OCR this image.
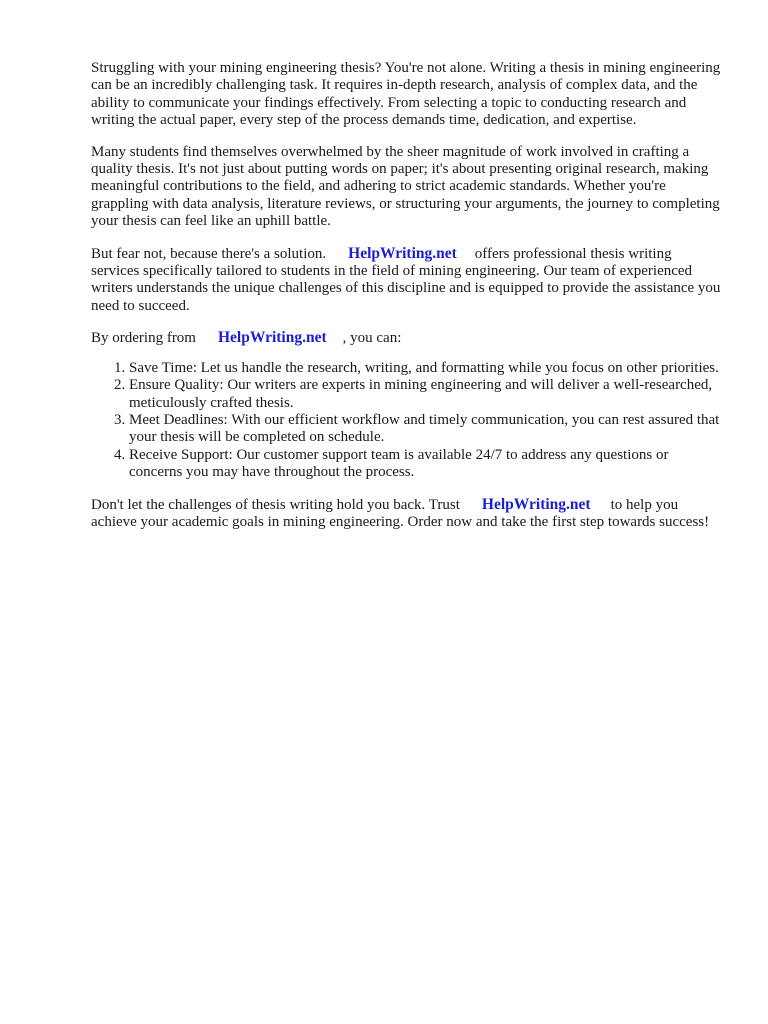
Struggling with your mining engineering thesis? You're not alone. Writing a thesis in mining engineering can be an incredibly challenging task. It requires in-depth research, analysis of complex data, and the ability to communicate your findings effectively. From selecting a topic to conducting research and writing the actual paper, every step of the process demands time, dedication, and expertise.

Many students find themselves overwhelmed by the sheer magnitude of work involved in crafting a quality thesis. It's not just about putting words on paper; it's about presenting original research, making meaningful contributions to the field, and adhering to strict academic standards. Whether you're grappling with data analysis, literature reviews, or structuring your arguments, the journey to completing your thesis can feel like an uphill battle.

But fear not, because there's a solution. HelpWriting.net offers professional thesis writing services specifically tailored to students in the field of mining engineering. Our team of experienced writers understands the unique challenges of this discipline and is equipped to provide the assistance you need to succeed.

By ordering from HelpWriting.net , you can:

1. Save Time: Let us handle the research, writing, and formatting while you focus on other priorities.
2. Ensure Quality: Our writers are experts in mining engineering and will deliver a well-researched, meticulously crafted thesis.
3. Meet Deadlines: With our efficient workflow and timely communication, you can rest assured that your thesis will be completed on schedule.
4. Receive Support: Our customer support team is available 24/7 to address any questions or concerns you may have throughout the process.

Don't let the challenges of thesis writing hold you back. Trust HelpWriting.net to help you achieve your academic goals in mining engineering. Order now and take the first step towards success!
